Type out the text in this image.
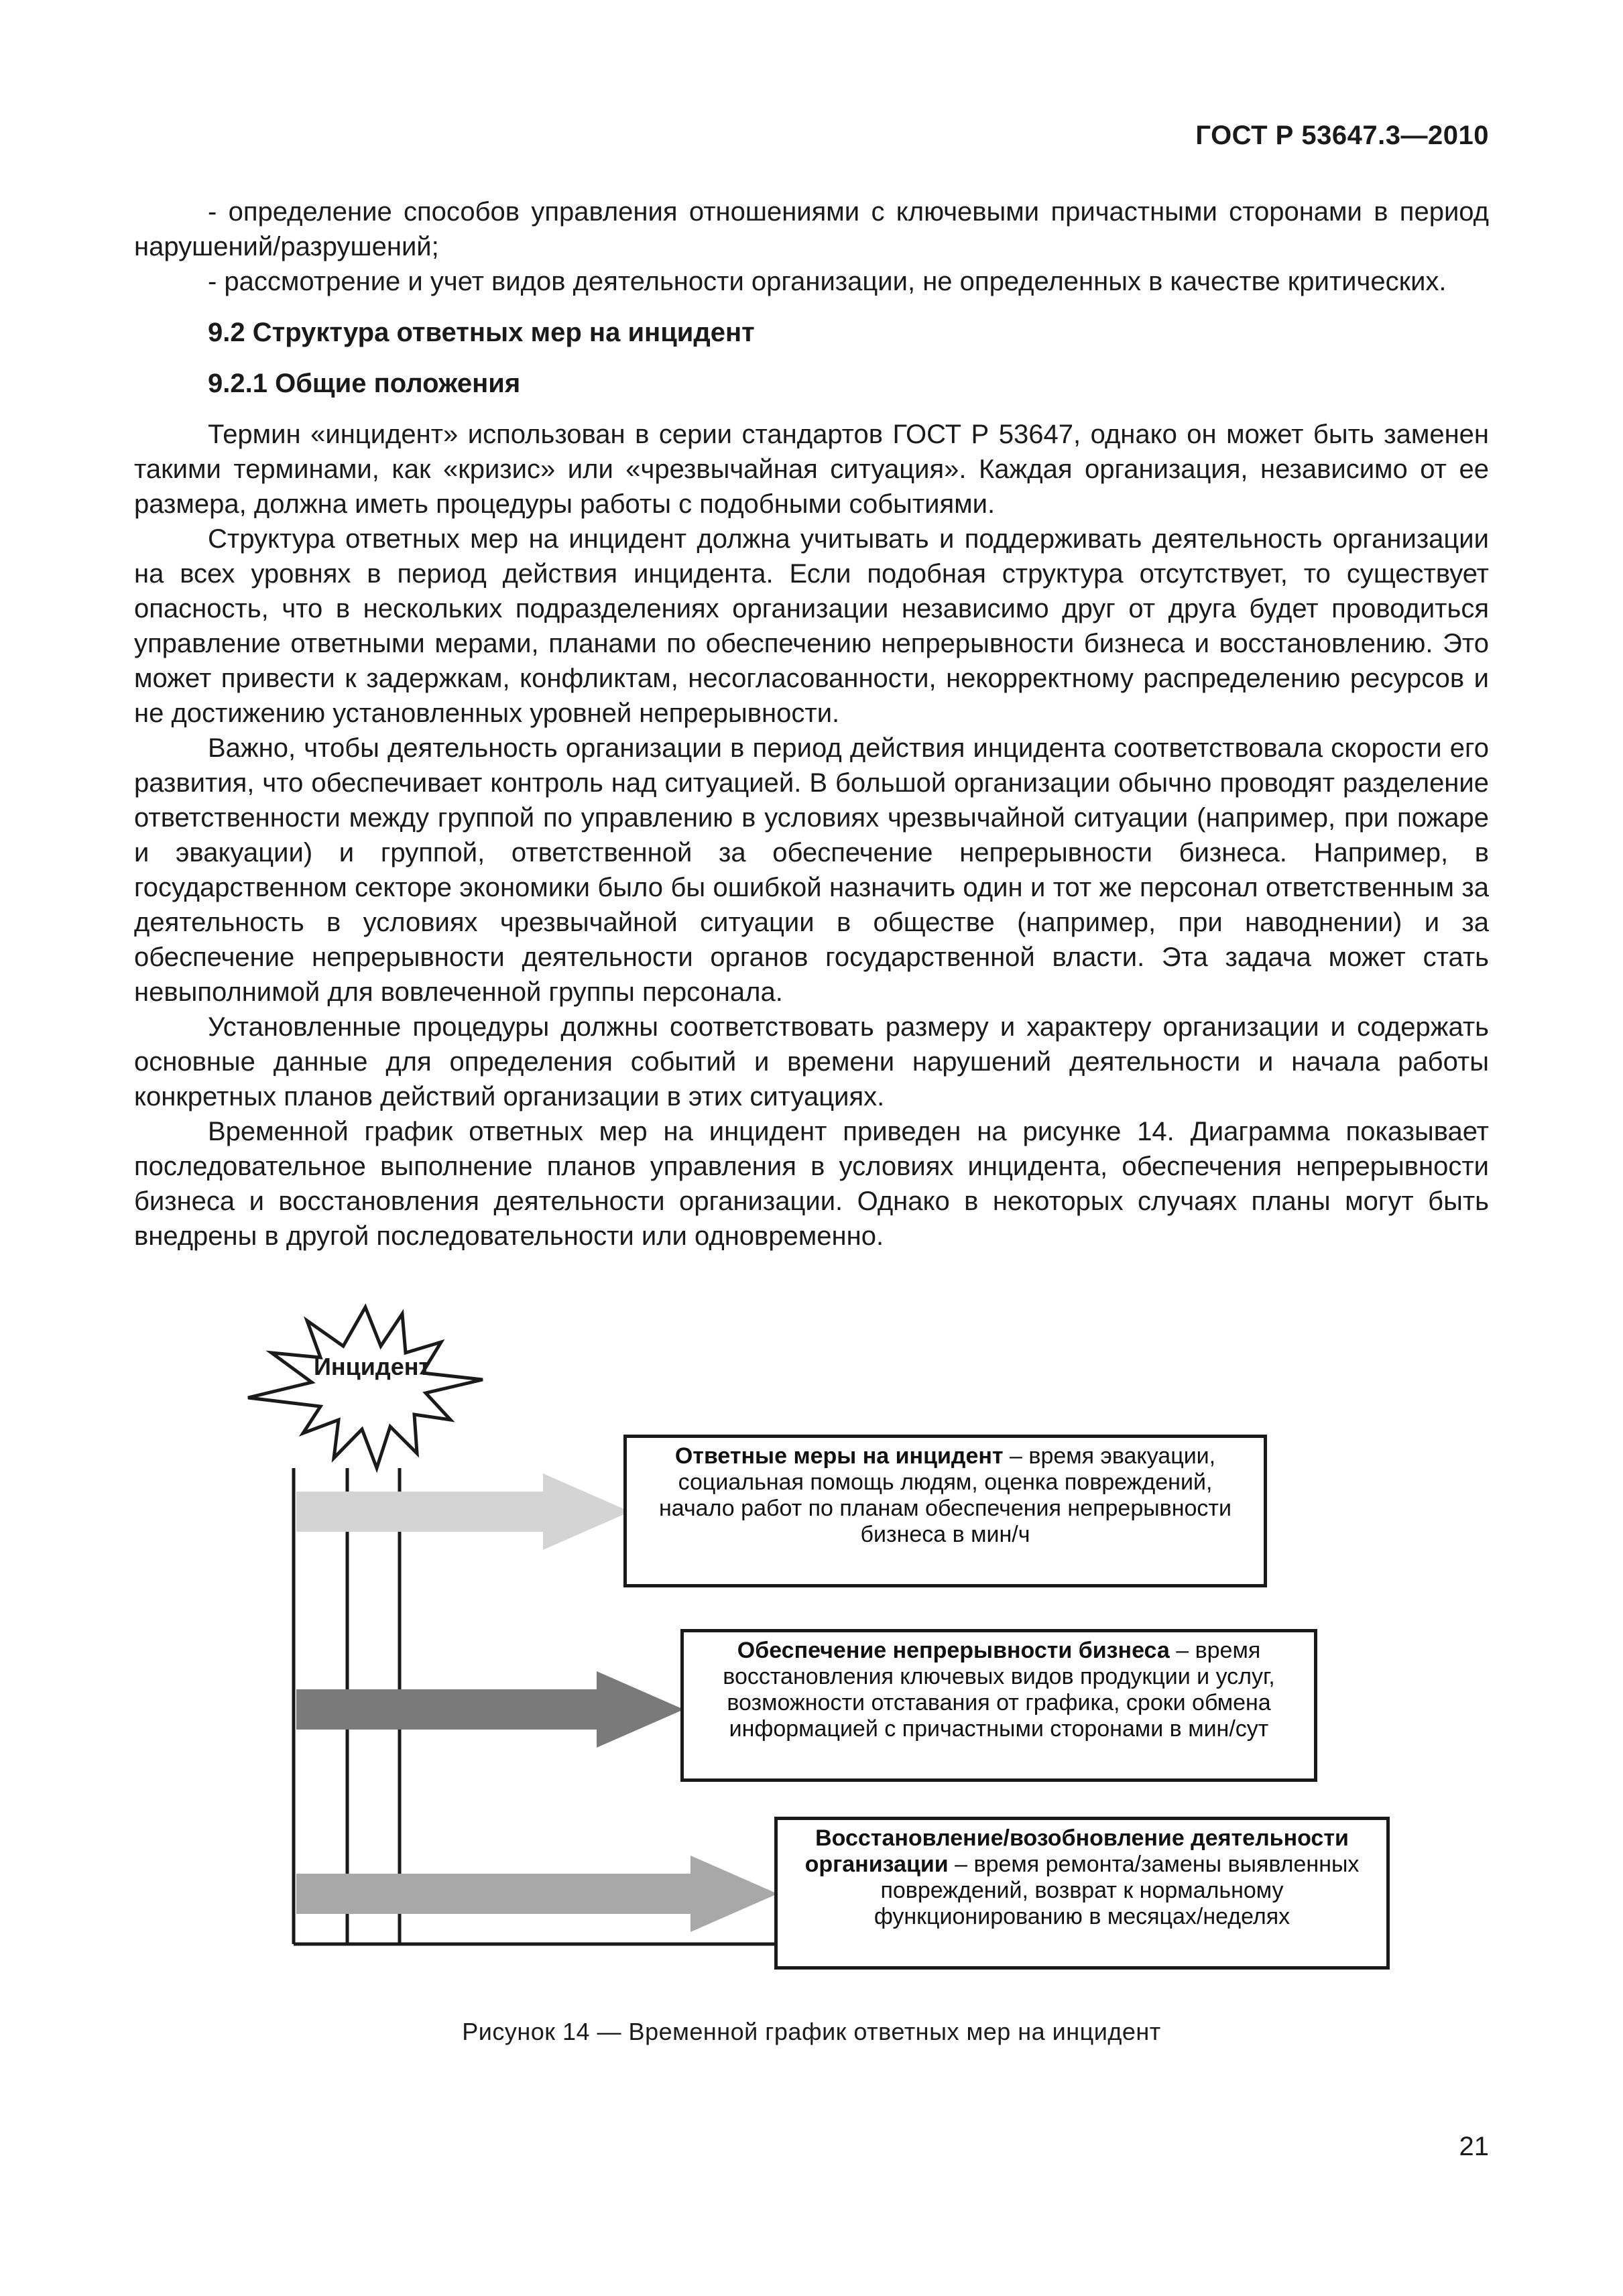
ГОСТ Р 53647.3—2010

- определение способов управления отношениями с ключевыми причастными сторонами в период нарушений/разрушений;

- рассмотрение и учет видов деятельности организации, не определенных в качестве критических.

9.2 Структура ответных мер на инцидент

9.2.1 Общие положения

Термин «инцидент» использован в серии стандартов ГОСТ Р 53647, однако он может быть заменен такими терминами, как «кризис» или «чрезвычайная ситуация». Каждая организация, независимо от ее размера, должна иметь процедуры работы с подобными событиями.

Структура ответных мер на инцидент должна учитывать и поддерживать деятельность организации на всех уровнях в период действия инцидента. Если подобная структура отсутствует, то существует опасность, что в нескольких подразделениях организации независимо друг от друга будет проводиться управление ответными мерами, планами по обеспечению непрерывности бизнеса и восстановлению. Это может привести к задержкам, конфликтам, несогласованности, некорректному распределению ресурсов и не достижению установленных уровней непрерывности.

Важно, чтобы деятельность организации в период действия инцидента соответствовала скорости его развития, что обеспечивает контроль над ситуацией. В большой организации обычно проводят разделение ответственности между группой по управлению в условиях чрезвычайной ситуации (например, при пожаре и эвакуации) и группой, ответственной за обеспечение непрерывности бизнеса. Например, в государственном секторе экономики было бы ошибкой назначить один и тот же персонал ответственным за деятельность в условиях чрезвычайной ситуации в обществе (например, при наводнении) и за обеспечение непрерывности деятельности органов государственной власти. Эта задача может стать невыполнимой для вовлеченной группы персонала.

Установленные процедуры должны соответствовать размеру и характеру организации и содержать основные данные для определения событий и времени нарушений деятельности и начала работы конкретных планов действий организации в этих ситуациях.

Временной график ответных мер на инцидент приведен на рисунке 14. Диаграмма показывает последовательное выполнение планов управления в условиях инцидента, обеспечения непрерывности бизнеса и восстановления деятельности организации. Однако в некоторых случаях планы могут быть внедрены в другой последовательности или одновременно.

Инцидент
Ответные меры на инцидент – время эвакуации, социальная помощь людям, оценка повреждений, начало работ по планам обеспечения непрерывности бизнеса в мин/ч
Обеспечение непрерывности бизнеса – время восстановления ключевых видов продукции и услуг, возможности отставания от графика, сроки обмена информацией с причастными сторонами в мин/сут
Восстановление/возобновление деятельности организации – время ремонта/замены выявленных повреждений, возврат к нормальному функционированию в месяцах/неделях
Рисунок 14 — Временной график ответных мер на инцидент
21
